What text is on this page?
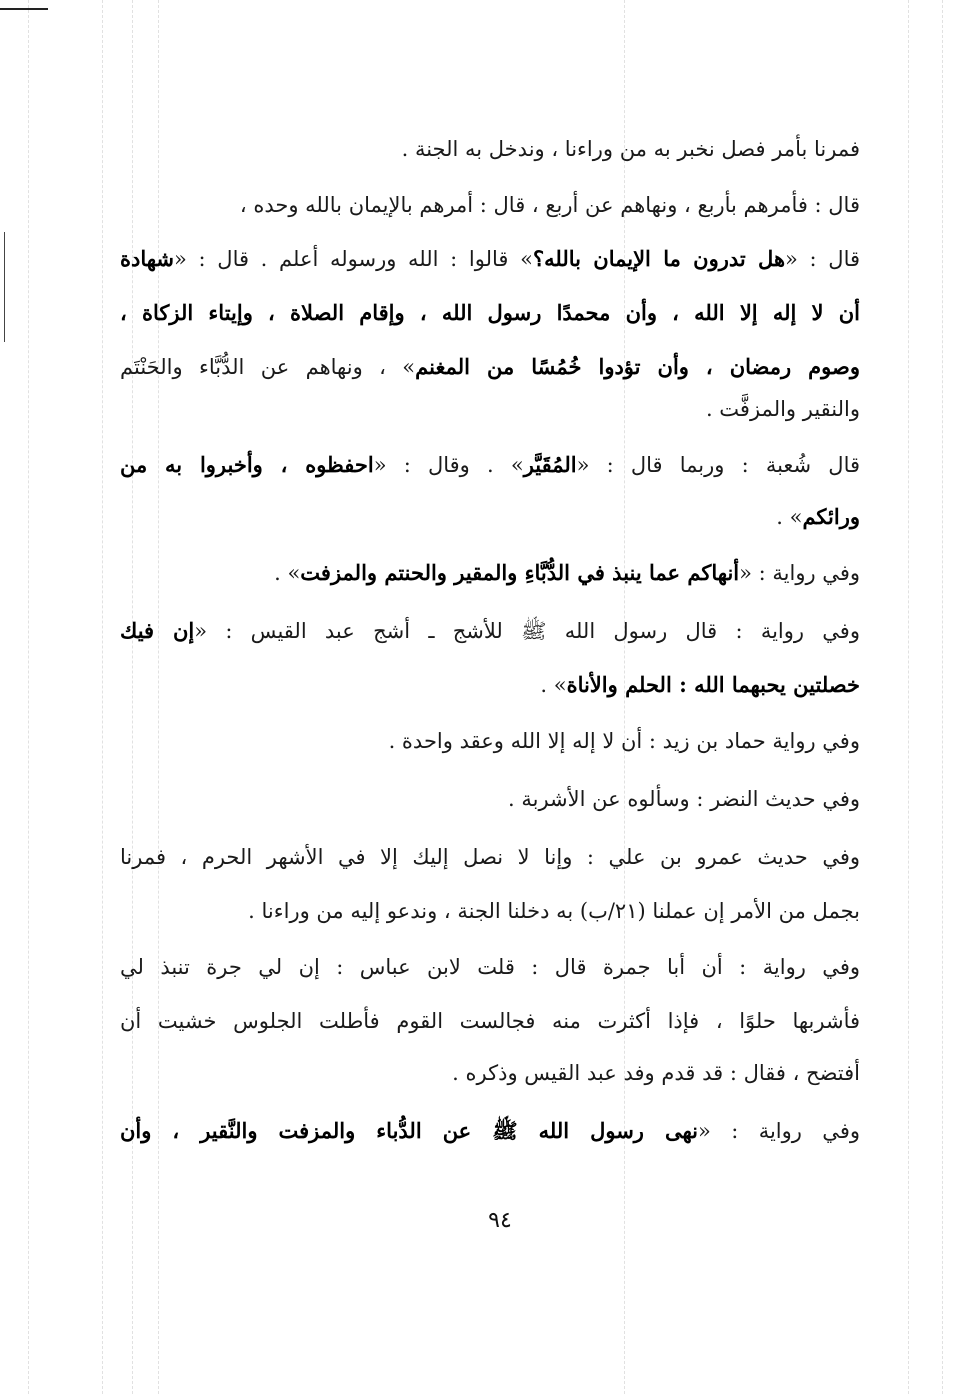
٩٤
فمرنا بأمر فصل نخبر به من وراءنا ، وندخل به الجنة .
قال : فأمرهم بأربع ، ونهاهم عن أربع ، قال : أمرهم بالإيمان بالله وحده ،
قال : «هل تدرون ما الإيمان بالله؟» قالوا : الله ورسوله أعلم . قال : «شهادة
أن لا إله إلا الله ، وأن محمدًا رسول الله ، وإقام الصلاة ، وإيتاء الزكاة ،
وصوم رمضان ، وأن تؤدوا خُمُسًا من المغنم» ، ونهاهم عن الدُّبَّاء والحَنْتَم
والنقير والمزفَّت .
قال شُعبة : وربما قال : «المُقَيَّر» . وقال : «احفظوه ، وأخبروا به من
ورائكم» .
وفي رواية : «أنهاكم عما ينبذ في الدُّبَّاءِ والمقير والحنتم والمزفت» .
وفي رواية : قال رسول الله ﷺ للأشج ـ أشج عبد القيس : «إن فيك
خصلتين يحبهما الله : الحلم والأناة» .
وفي رواية حماد بن زيد : أن لا إله إلا الله وعقد واحدة .
وفي حديث النضر : وسألوه عن الأشربة .
وفي حديث عمرو بن علي : وإنا لا نصل إليك إلا في الأشهر الحرم ، فمرنا
بجمل من الأمر إن عملنا (٢١/ب) به دخلنا الجنة ، وندعو إليه من وراءنا .
وفي رواية : أن أبا جمرة قال : قلت لابن عباس : إن لي جرة تنبذ لي
فأشربها حلوًا ، فإذا أكثرت منه فجالست القوم فأطلت الجلوس خشيت أن
أفتضح ، فقال : قد قدم وفد عبد القيس وذكره .
وفي رواية : «نهى رسول الله ﷺ عن الدُّباء والمزفت والنَّقير ، وأن
